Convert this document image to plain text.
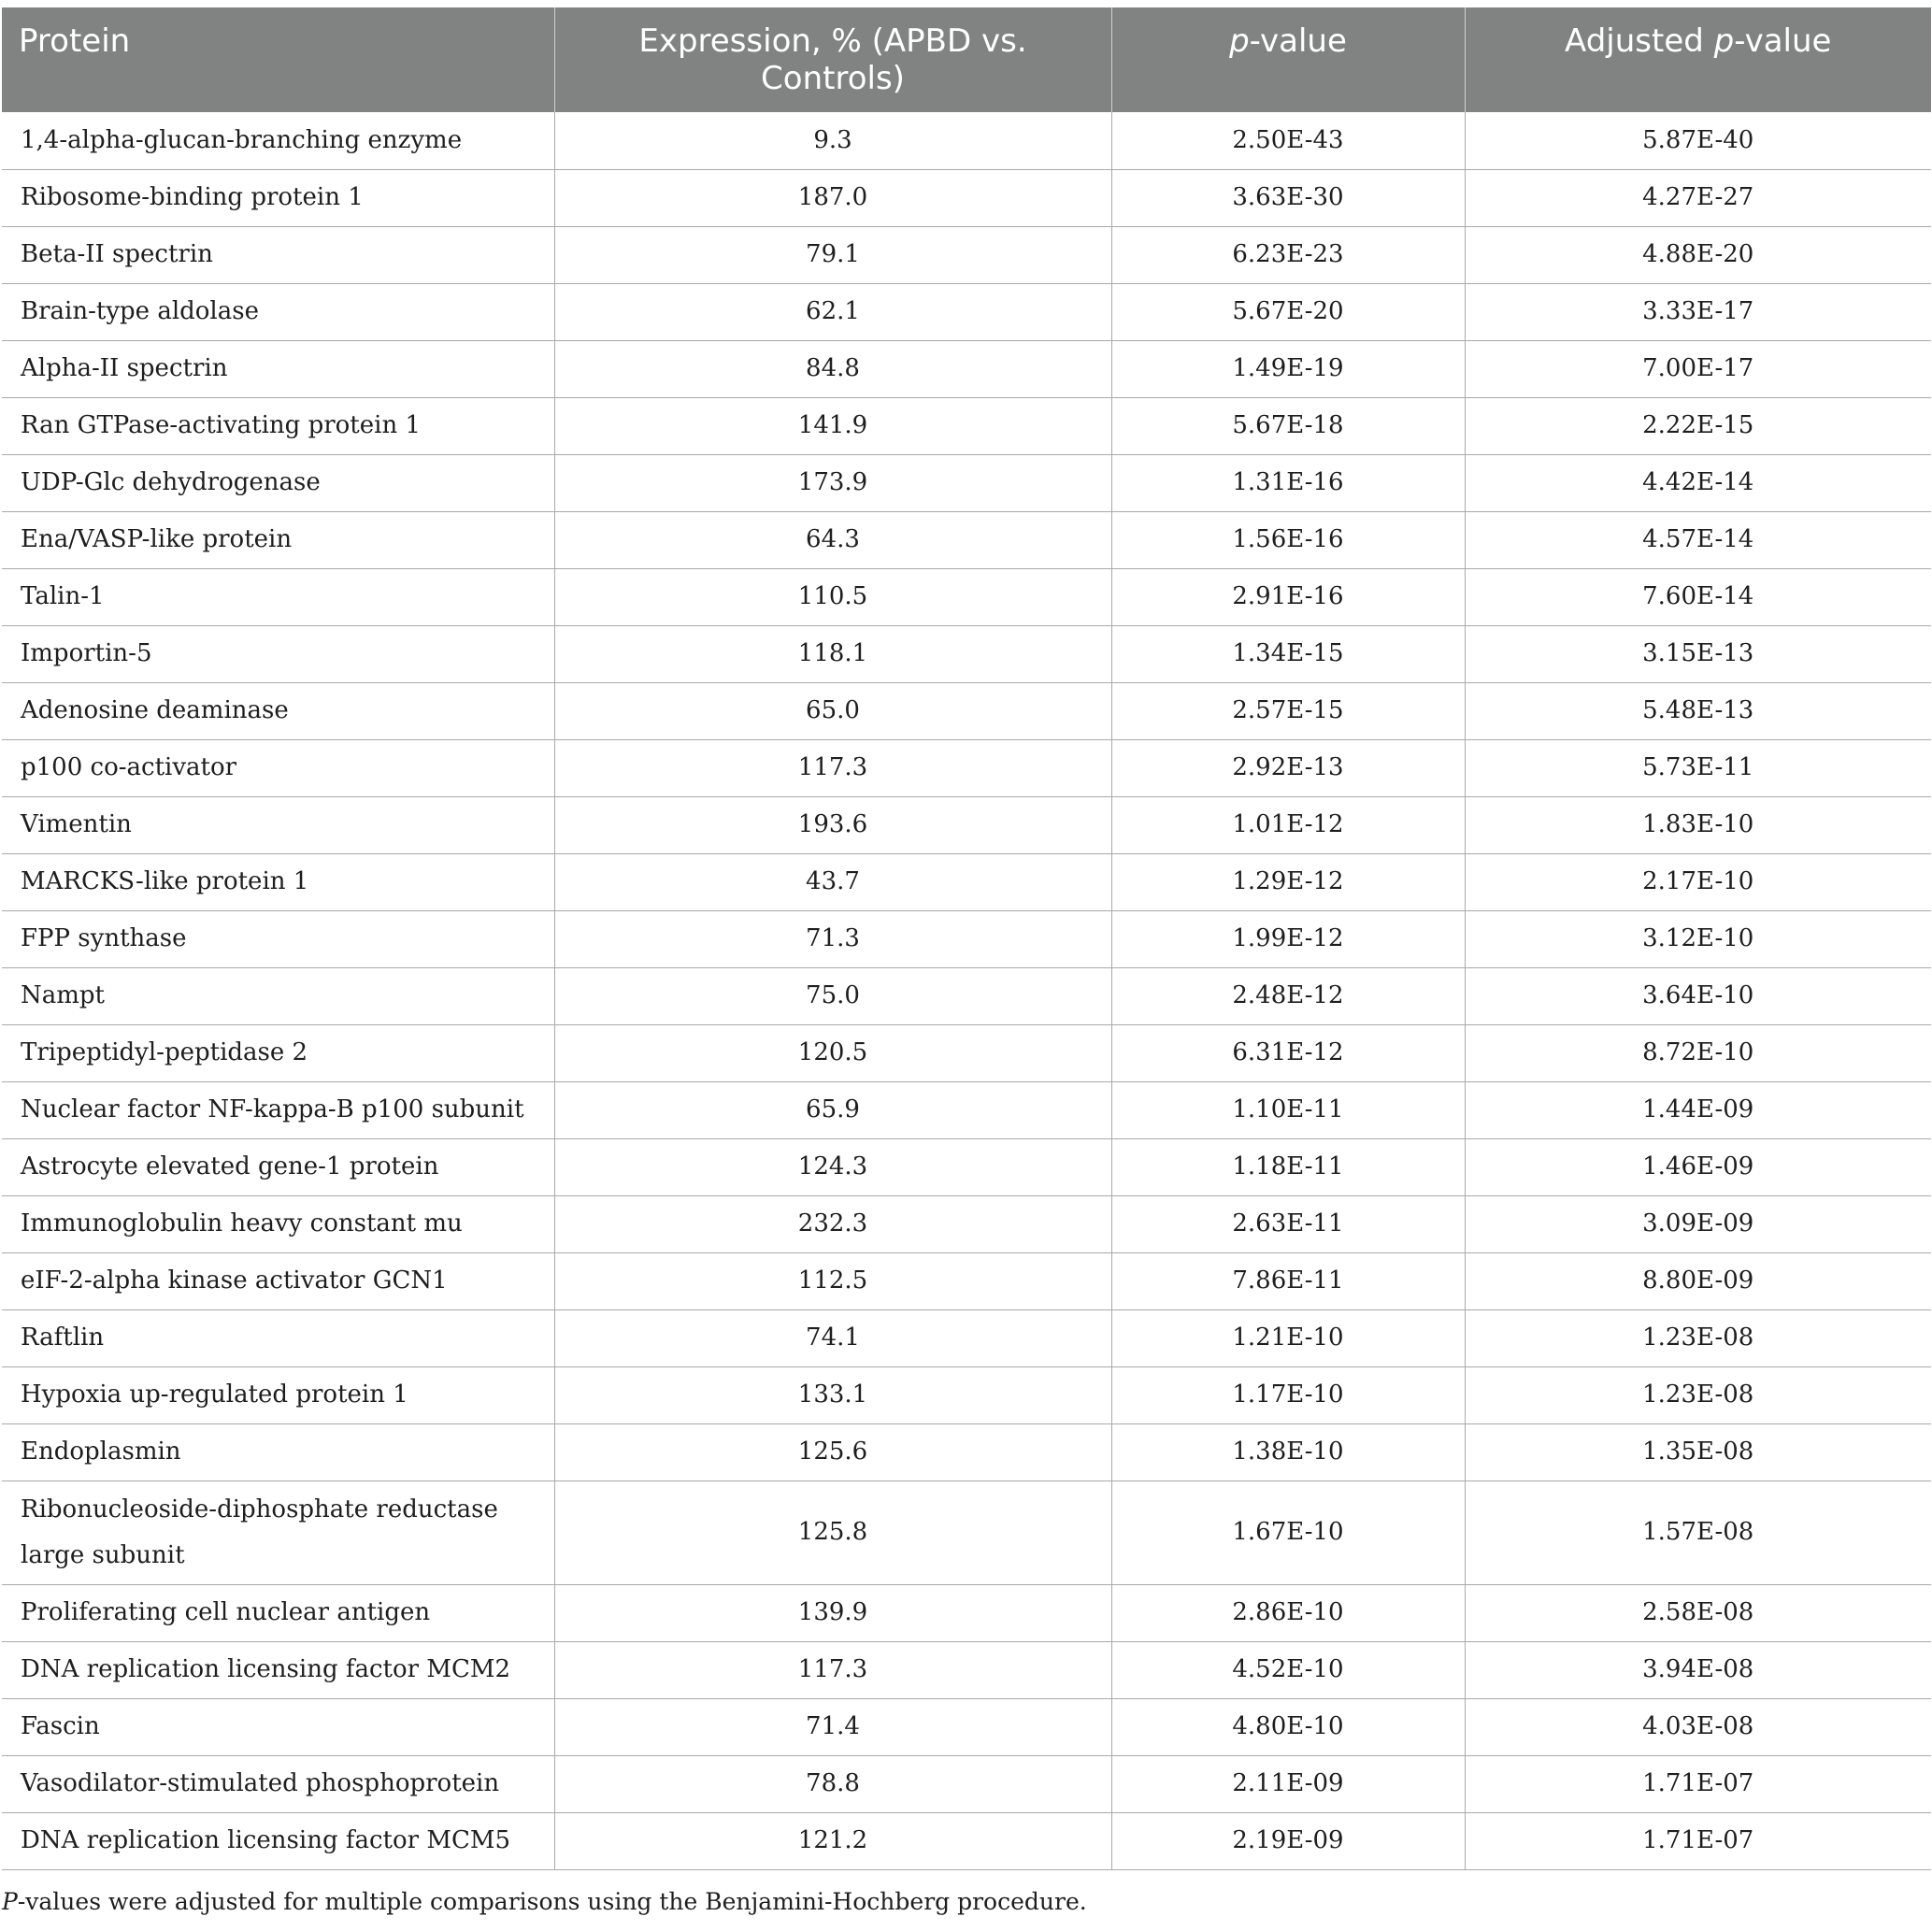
Protein	Expression, % (APBD vs. Controls)	p-value	Adjusted p-value
1,4-alpha-glucan-branching enzyme	9.3	2.50E-43	5.87E-40
Ribosome-binding protein 1	187.0	3.63E-30	4.27E-27
Beta-II spectrin	79.1	6.23E-23	4.88E-20
Brain-type aldolase	62.1	5.67E-20	3.33E-17
Alpha-II spectrin	84.8	1.49E-19	7.00E-17
Ran GTPase-activating protein 1	141.9	5.67E-18	2.22E-15
UDP-Glc dehydrogenase	173.9	1.31E-16	4.42E-14
Ena/VASP-like protein	64.3	1.56E-16	4.57E-14
Talin-1	110.5	2.91E-16	7.60E-14
Importin-5	118.1	1.34E-15	3.15E-13
Adenosine deaminase	65.0	2.57E-15	5.48E-13
p100 co-activator	117.3	2.92E-13	5.73E-11
Vimentin	193.6	1.01E-12	1.83E-10
MARCKS-like protein 1	43.7	1.29E-12	2.17E-10
FPP synthase	71.3	1.99E-12	3.12E-10
Nampt	75.0	2.48E-12	3.64E-10
Tripeptidyl-peptidase 2	120.5	6.31E-12	8.72E-10
Nuclear factor NF-kappa-B p100 subunit	65.9	1.10E-11	1.44E-09
Astrocyte elevated gene-1 protein	124.3	1.18E-11	1.46E-09
Immunoglobulin heavy constant mu	232.3	2.63E-11	3.09E-09
eIF-2-alpha kinase activator GCN1	112.5	7.86E-11	8.80E-09
Raftlin	74.1	1.21E-10	1.23E-08
Hypoxia up-regulated protein 1	133.1	1.17E-10	1.23E-08
Endoplasmin	125.6	1.38E-10	1.35E-08
Ribonucleoside-diphosphate reductase large subunit	125.8	1.67E-10	1.57E-08
Proliferating cell nuclear antigen	139.9	2.86E-10	2.58E-08
DNA replication licensing factor MCM2	117.3	4.52E-10	3.94E-08
Fascin	71.4	4.80E-10	4.03E-08
Vasodilator-stimulated phosphoprotein	78.8	2.11E-09	1.71E-07
DNA replication licensing factor MCM5	121.2	2.19E-09	1.71E-07
P-values were adjusted for multiple comparisons using the Benjamini-Hochberg procedure.
